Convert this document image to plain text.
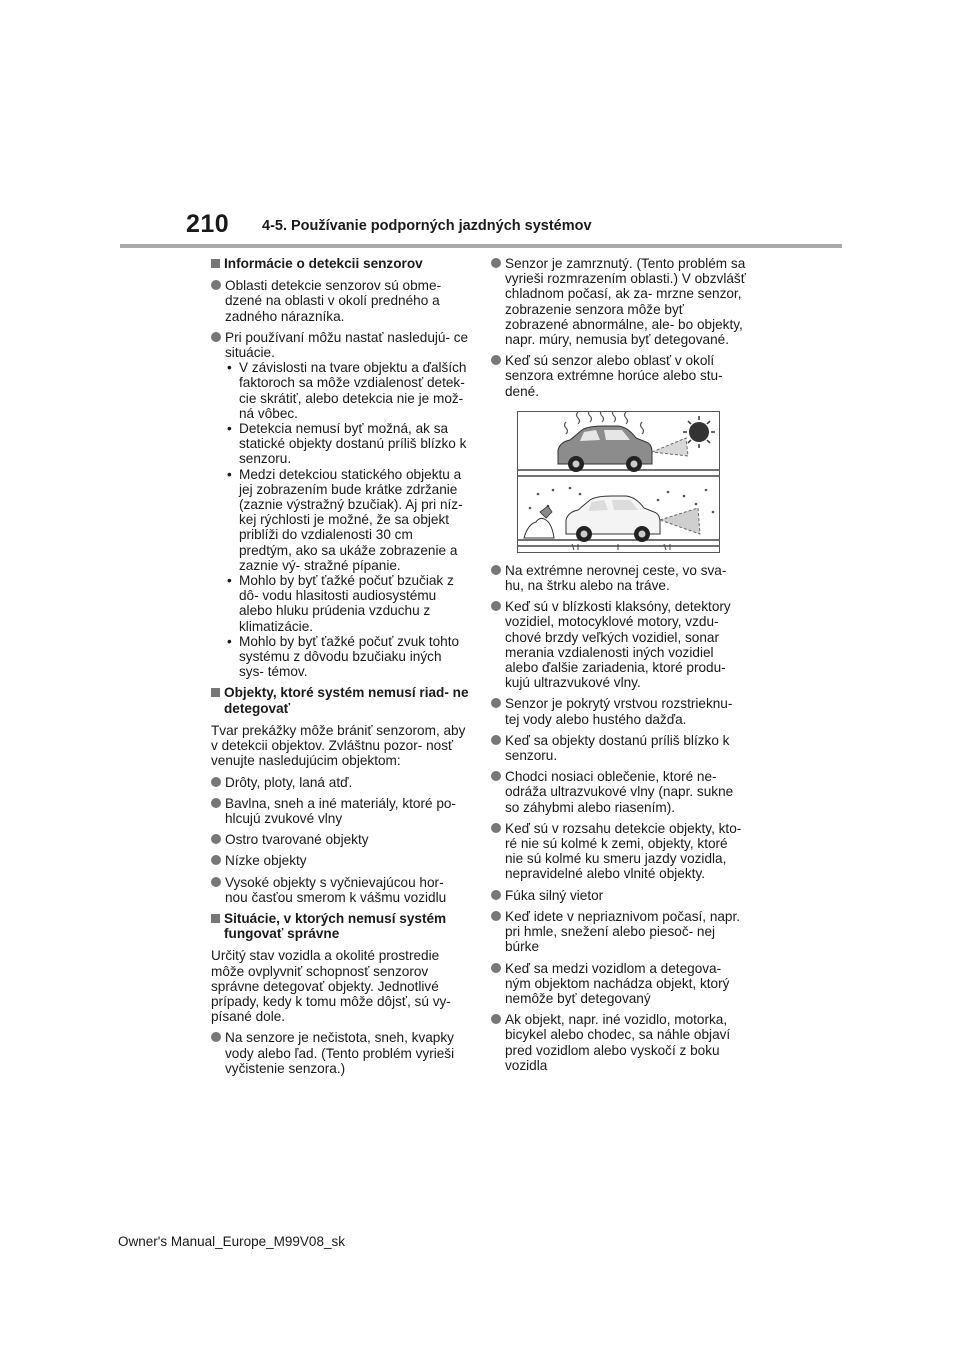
210 4-5. Používanie podporných jazdných systémov
Informácie o detekcii senzorov
Oblasti detekcie senzorov sú obme- dzené na oblasti v okolí predného a zadného nárazníka.
Pri používaní môžu nastať nasledujú- ce situácie.
• V závislosti na tvare objektu a ďalších faktoroch sa môže vzdialenosť detek- cie skrátiť, alebo detekcia nie je mož- ná vôbec.
• Detekcia nemusí byť možná, ak sa statické objekty dostanú príliš blízko k senzoru.
• Medzi detekciou statického objektu a jej zobrazením bude krátke zdržanie (zaznie výstražný bzučiak). Aj pri níz- kej rýchlosti je možné, že sa objekt priblíži do vzdialenosti 30 cm predtým, ako sa ukáže zobrazenie a zaznie vý- stražné pípanie.
• Mohlo by byť ťažké počuť bzučiak z dô- vodu hlasitosti audiosystému alebo hluku prúdenia vzduchu z klimatizácie.
• Mohlo by byť ťažké počuť zvuk tohto systému z dôvodu bzučiaku iných sys- témov.
Objekty, ktoré systém nemusí riad- ne detegovať
Tvar prekážky môže brániť senzorom, aby v detekcii objektov. Zvláštnu pozor- nosť venujte nasledujúcim objektom:
Drôty, ploty, laná atď.
Bavlna, sneh a iné materiály, ktoré po- hlcujú zvukové vlny
Ostro tvarované objekty
Nízke objekty
Vysoké objekty s vyčnievajúcou hor- nou časťou smerom k vášmu vozidlu
Situácie, v ktorých nemusí systém fungovať správne
Určitý stav vozidla a okolité prostredie môže ovplyvniť schopnosť senzorov správne detegovať objekty. Jednotlivé prípady, kedy k tomu môže dôjsť, sú vy- písané dole.
Na senzore je nečistota, sneh, kvapky vody alebo ľad. (Tento problém vyrieši vyčistenie senzora.)
Senzor je zamrznutý. (Tento problém sa vyrieši rozmrazením oblasti.) V obzvlášť chladnom počasí, ak za- mrzne senzor, zobrazenie senzora môže byť zobrazené abnormálne, ale- bo objekty, napr. múry, nemusia byť detegované.
Keď sú senzor alebo oblasť v okolí senzora extrémne horúce alebo stu- dené.
Na extrémne nerovnej ceste, vo sva- hu, na štrku alebo na tráve.
Keď sú v blízkosti klaksóny, detektory vozidiel, motocyklové motory, vzdu- chové brzdy veľkých vozidiel, sonar merania vzdialenosti iných vozidiel alebo ďalšie zariadenia, ktoré produ- kujú ultrazvukové vlny.
Senzor je pokrytý vrstvou rozstrieknu- tej vody alebo hustého dažďa.
Keď sa objekty dostanú príliš blízko k senzoru.
Chodci nosiaci oblečenie, ktoré ne- odráža ultrazvukové vlny (napr. sukne so záhybmi alebo riasením).
Keď sú v rozsahu detekcie objekty, kto- ré nie sú kolmé k zemi, objekty, ktoré nie sú kolmé ku smeru jazdy vozidla, nepravidelné alebo vlnité objekty.
Fúka silný vietor
Keď idete v nepriaznivom počasí, napr. pri hmle, snežení alebo piesoč- nej búrke
Keď sa medzi vozidlom a detegova- ným objektom nachádza objekt, ktorý nemôže byť detegovaný
Ak objekt, napr. iné vozidlo, motorka, bicykel alebo chodec, sa náhle objaví pred vozidlom alebo vyskočí z boku vozidla
Owner's Manual_Europe_M99V08_sk
